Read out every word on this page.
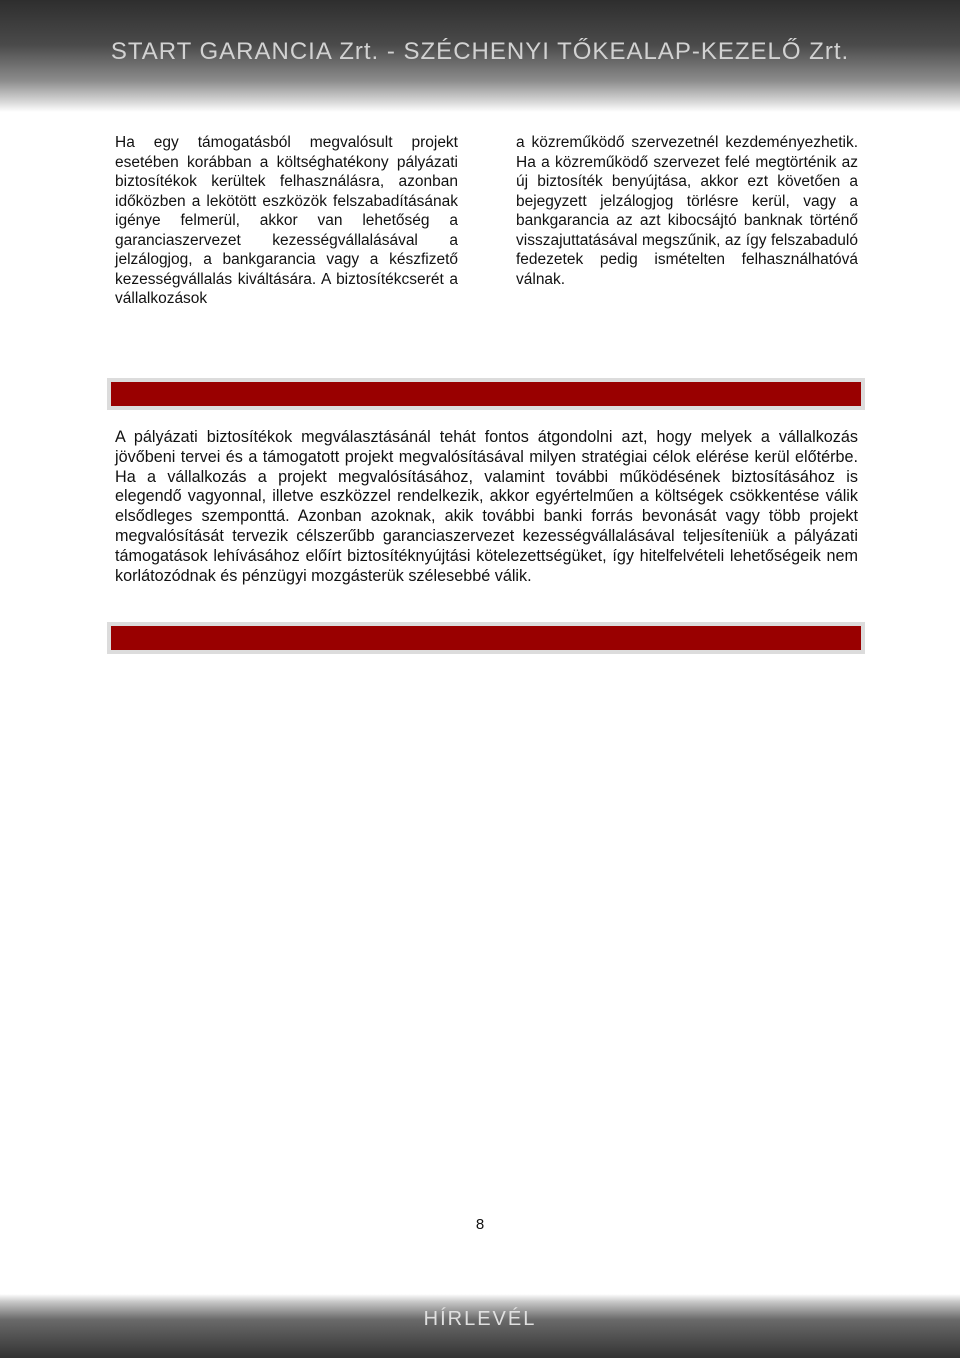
START GARANCIA Zrt. - SZÉCHENYI TŐKEALAP-KEZELŐ Zrt.
Ha egy támogatásból megvalósult projekt esetében korábban a költséghatékony pályázati biztosítékok kerültek felhasználásra, azonban időközben a lekötött eszközök felszabadításának igénye felmerül, akkor van lehetőség a garanciaszervezet kezességvállalásával a jelzálogjog, a bankgarancia vagy a készfizető kezességvállalás kiváltására. A biztosítékcserét a vállalkozások
a közreműködő szervezetnél kezdeményezhetik. Ha a közreműködő szervezet felé megtörténik az új biztosíték benyújtása, akkor ezt követően a bejegyzett jelzálogjog törlésre kerül, vagy a bankgarancia az azt kibocsájtó banknak történő visszajuttatásával megszűnik, az így felszabaduló fedezetek pedig ismételten felhasználhatóvá válnak.
A pályázati biztosítékok megválasztásánál tehát fontos átgondolni azt, hogy melyek a vállalkozás jövőbeni tervei és a támogatott projekt megvalósításával milyen stratégiai célok elérése kerül előtérbe. Ha a vállalkozás a projekt megvalósításához, valamint további működésének biztosításához is elegendő vagyonnal, illetve eszközzel rendelkezik, akkor egyértelműen a költségek csökkentése válik elsődleges szemponttá. Azonban azoknak, akik további banki forrás bevonását vagy több projekt megvalósítását tervezik célszerűbb garanciaszervezet kezességvállalásával teljesíteniük a pályázati támogatások lehívásához előírt biztosítéknyújtási kötelezettségüket, így hitelfelvételi lehetőségeik nem korlátozódnak és pénzügyi mozgásterük szélesebbé válik.
8
HÍRLEVÉL
